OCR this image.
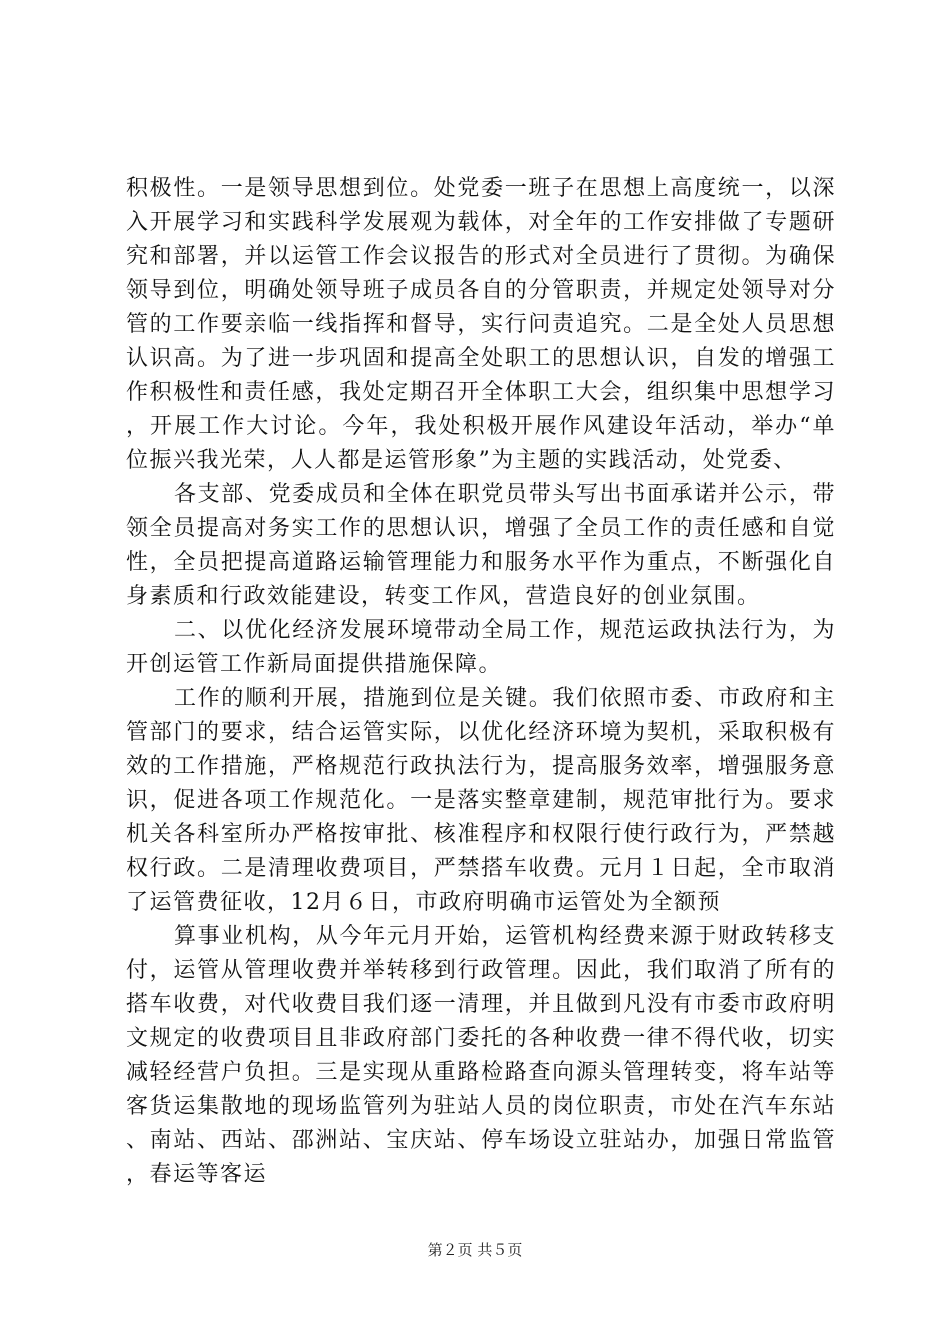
积极性。一是领导思想到位。处党委一班子在思想上高度统一，以深入开展学习和实践科学发展观为载体，对全年的工作安排做了专题研究和部署，并以运管工作会议报告的形式对全员进行了贯彻。为确保领导到位，明确处领导班子成员各自的分管职责，并规定处领导对分管的工作要亲临一线指挥和督导，实行问责追究。二是全处人员思想认识高。为了进一步巩固和提高全处职工的思想认识，自发的增强工作积极性和责任感，我处定期召开全体职工大会，组织集中思想学习，开展工作大讨论。今年，我处积极开展作风建设年活动，举办“单位振兴我光荣，人人都是运管形象”为主题的实践活动，处党委、

各支部、党委成员和全体在职党员带头写出书面承诺并公示，带领全员提高对务实工作的思想认识，增强了全员工作的责任感和自觉性，全员把提高道路运输管理能力和服务水平作为重点，不断强化自身素质和行政效能建设，转变工作风，营造良好的创业氛围。

二、以优化经济发展环境带动全局工作，规范运政执法行为，为开创运管工作新局面提供措施保障。

工作的顺利开展，措施到位是关键。我们依照市委、市政府和主管部门的要求，结合运管实际，以优化经济环境为契机，采取积极有效的工作措施，严格规范行政执法行为，提高服务效率，增强服务意识，促进各项工作规范化。一是落实整章建制，规范审批行为。要求机关各科室所办严格按审批、核准程序和权限行使行政行为，严禁越权行政。二是清理收费项目，严禁搭车收费。元月１日起，全市取消了运管费征收，12月６日，市政府明确市运管处为全额预

算事业机构，从今年元月开始，运管机构经费来源于财政转移支付，运管从管理收费并举转移到行政管理。因此，我们取消了所有的搭车收费，对代收费目我们逐一清理，并且做到凡没有市委市政府明文规定的收费项目且非政府部门委托的各种收费一律不得代收，切实减轻经营户负担。三是实现从重路检路查向源头管理转变，将车站等客货运集散地的现场监管列为驻站人员的岗位职责，市处在汽车东站、南站、西站、邵洲站、宝庆站、停车场设立驻站办，加强日常监管，春运等客运

第２页 共５页
